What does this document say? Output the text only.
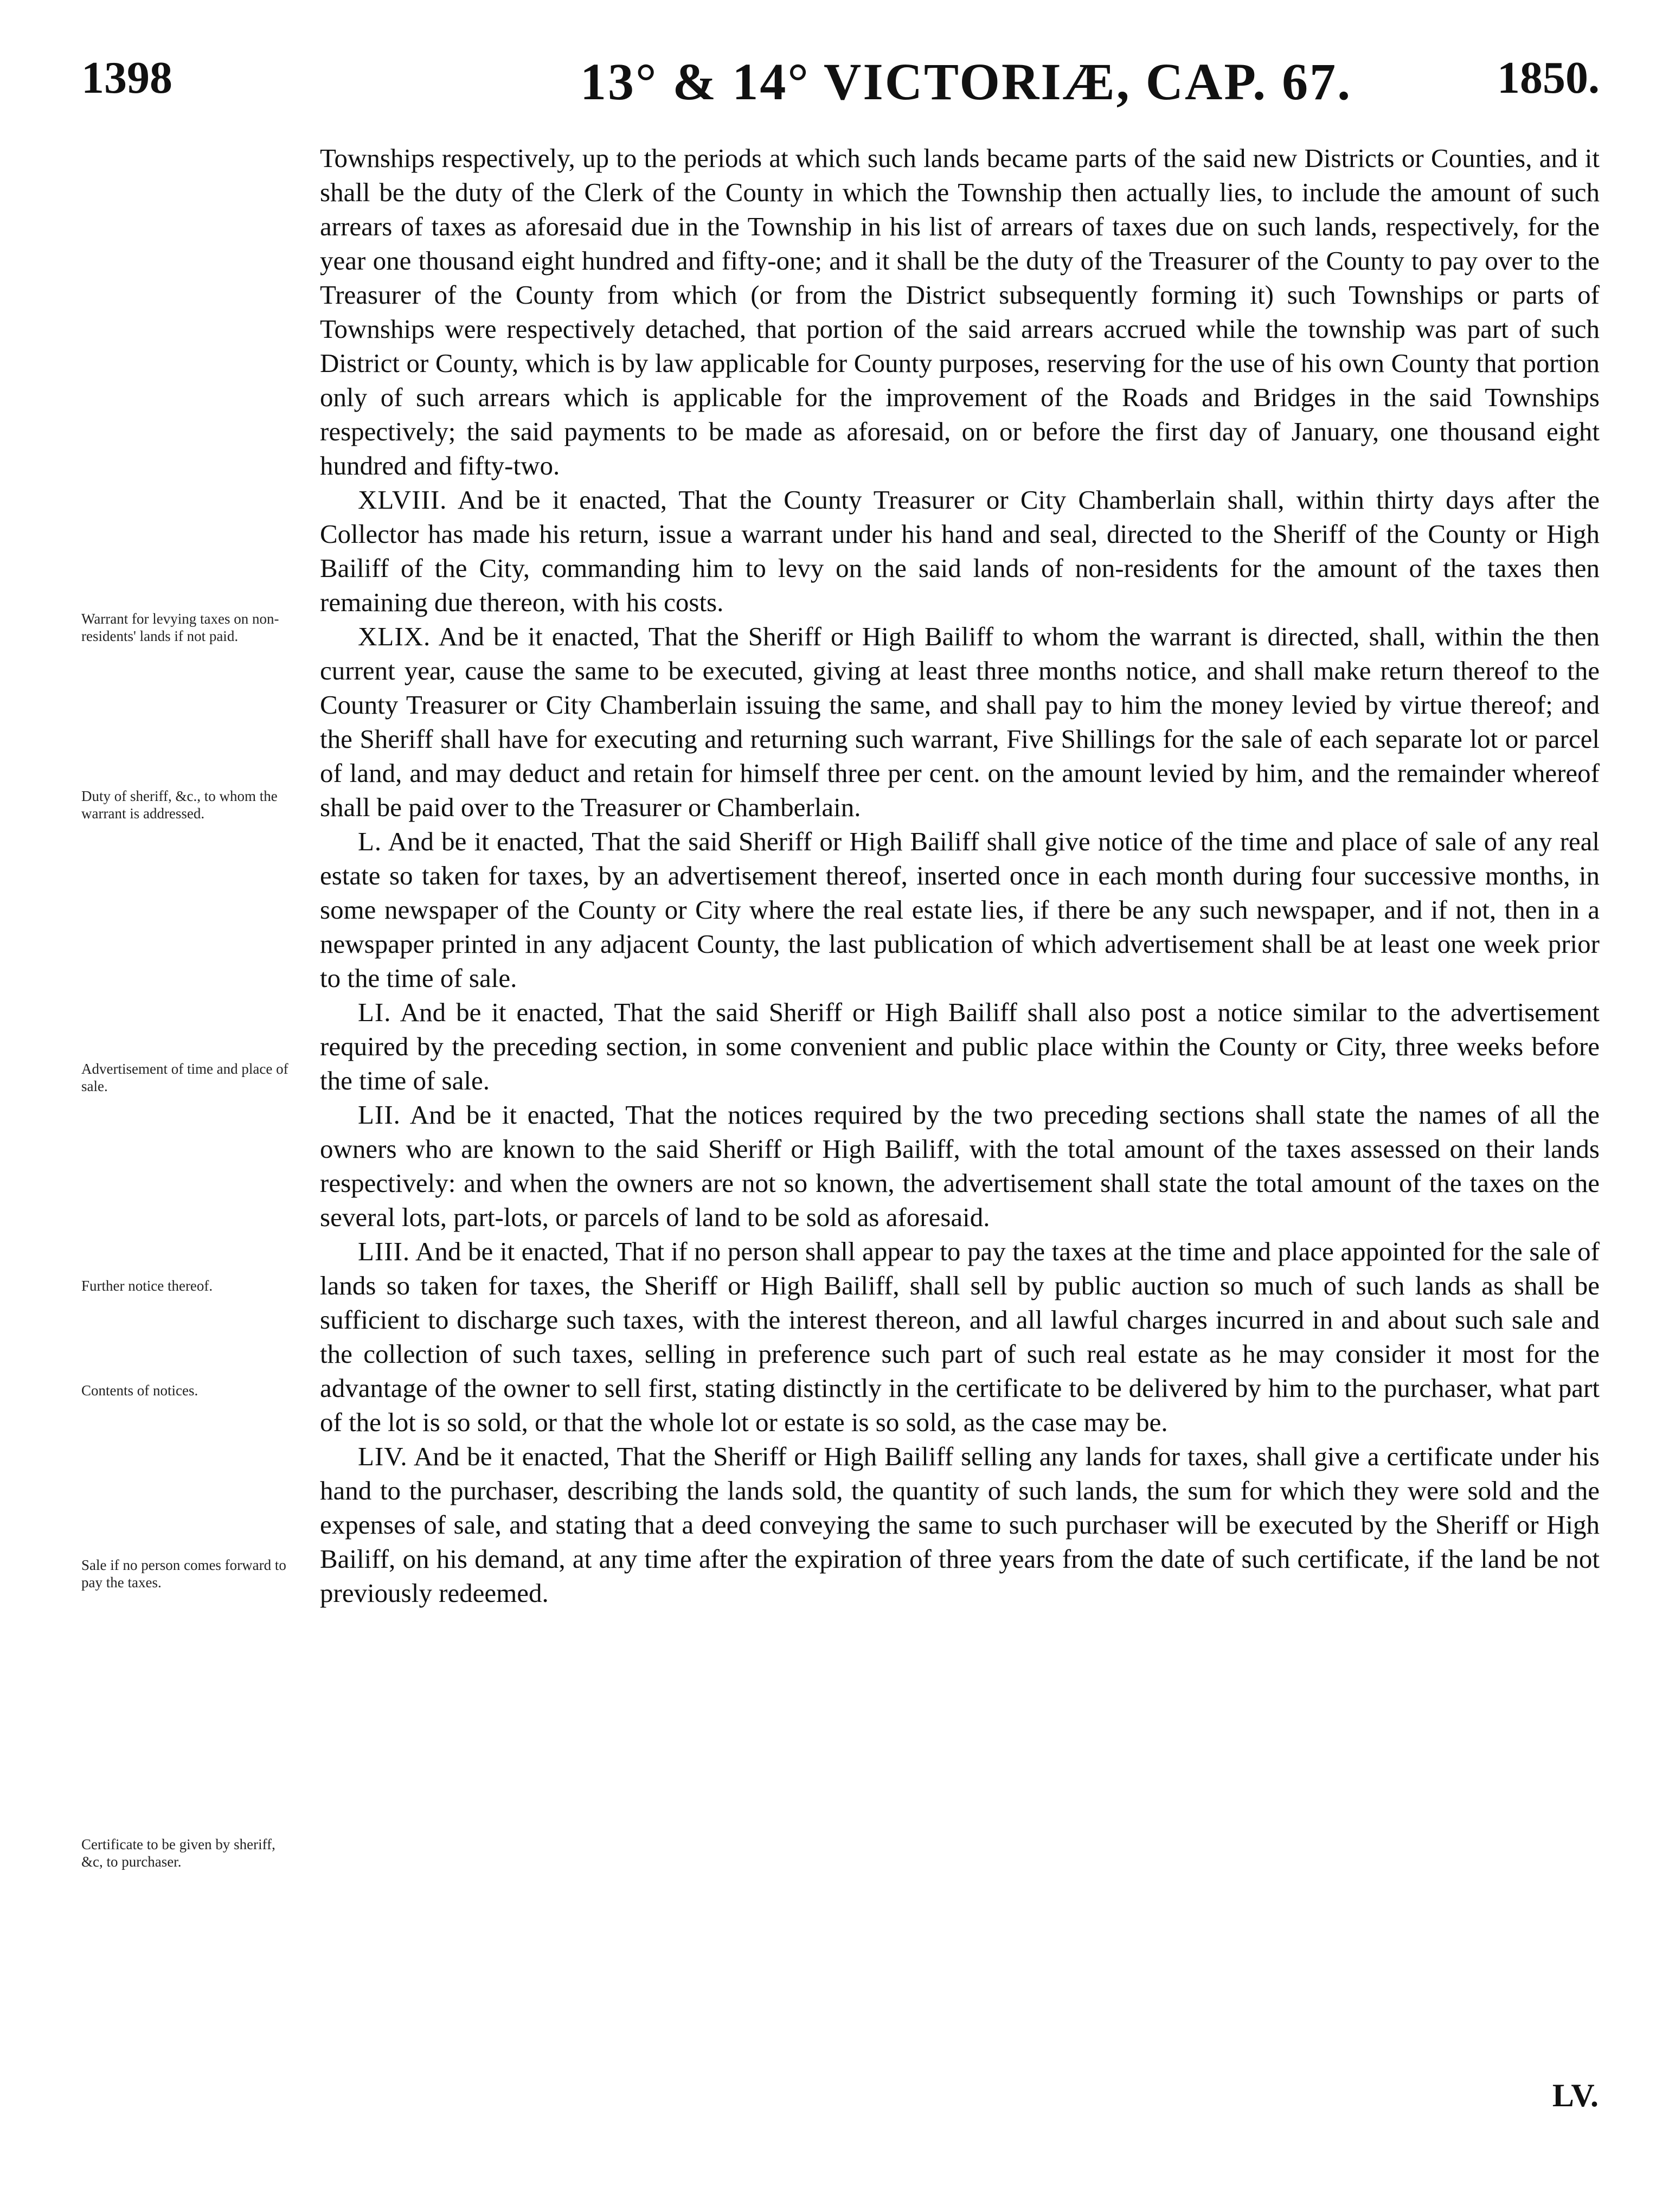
1398	13° & 14° VICTORIÆ, CAP. 67.	1850.
Warrant for levying taxes on non-residents' lands if not paid.
Duty of sheriff, &c., to whom the warrant is addressed.
Advertisement of time and place of sale.
Further notice thereof.
Contents of notices.
Sale if no person comes forward to pay the taxes.
Certificate to be given by sheriff, &c, to purchaser.

Townships respectively, up to the periods at which such lands became parts of the said new Districts or Counties, and it shall be the duty of the Clerk of the County in which the Township then actually lies, to include the amount of such arrears of taxes as aforesaid due in the Township in his list of arrears of taxes due on such lands, respectively, for the year one thousand eight hundred and fifty-one; and it shall be the duty of the Treasurer of the County to pay over to the Treasurer of the County from which (or from the District subsequently forming it) such Townships or parts of Townships were respectively detached, that portion of the said arrears accrued while the township was part of such District or County, which is by law applicable for County purposes, reserving for the use of his own County that portion only of such arrears which is applicable for the improvement of the Roads and Bridges in the said Townships respectively; the said payments to be made as aforesaid, on or before the first day of January, one thousand eight hundred and fifty-two.

XLVIII. And be it enacted, That the County Treasurer or City Chamberlain shall, within thirty days after the Collector has made his return, issue a warrant under his hand and seal, directed to the Sheriff of the County or High Bailiff of the City, commanding him to levy on the said lands of non-residents for the amount of the taxes then remaining due thereon, with his costs.

XLIX. And be it enacted, That the Sheriff or High Bailiff to whom the warrant is directed, shall, within the then current year, cause the same to be executed, giving at least three months notice, and shall make return thereof to the County Treasurer or City Chamberlain issuing the same, and shall pay to him the money levied by virtue thereof; and the Sheriff shall have for executing and returning such warrant, Five Shillings for the sale of each separate lot or parcel of land, and may deduct and retain for himself three per cent. on the amount levied by him, and the remainder whereof shall be paid over to the Treasurer or Chamberlain.

L. And be it enacted, That the said Sheriff or High Bailiff shall give notice of the time and place of sale of any real estate so taken for taxes, by an advertisement thereof, inserted once in each month during four successive months, in some newspaper of the County or City where the real estate lies, if there be any such newspaper, and if not, then in a newspaper printed in any adjacent County, the last publication of which advertisement shall be at least one week prior to the time of sale.

LI. And be it enacted, That the said Sheriff or High Bailiff shall also post a notice similar to the advertisement required by the preceding section, in some convenient and public place within the County or City, three weeks before the time of sale.

LII. And be it enacted, That the notices required by the two preceding sections shall state the names of all the owners who are known to the said Sheriff or High Bailiff, with the total amount of the taxes assessed on their lands respectively: and when the owners are not so known, the advertisement shall state the total amount of the taxes on the several lots, part-lots, or parcels of land to be sold as aforesaid.

LIII. And be it enacted, That if no person shall appear to pay the taxes at the time and place appointed for the sale of lands so taken for taxes, the Sheriff or High Bailiff, shall sell by public auction so much of such lands as shall be sufficient to discharge such taxes, with the interest thereon, and all lawful charges incurred in and about such sale and the collection of such taxes, selling in preference such part of such real estate as he may consider it most for the advantage of the owner to sell first, stating distinctly in the certificate to be delivered by him to the purchaser, what part of the lot is so sold, or that the whole lot or estate is so sold, as the case may be.

LIV. And be it enacted, That the Sheriff or High Bailiff selling any lands for taxes, shall give a certificate under his hand to the purchaser, describing the lands sold, the quantity of such lands, the sum for which they were sold and the expenses of sale, and stating that a deed conveying the same to such purchaser will be executed by the Sheriff or High Bailiff, on his demand, at any time after the expiration of three years from the date of such certificate, if the land be not previously redeemed.

LV.
